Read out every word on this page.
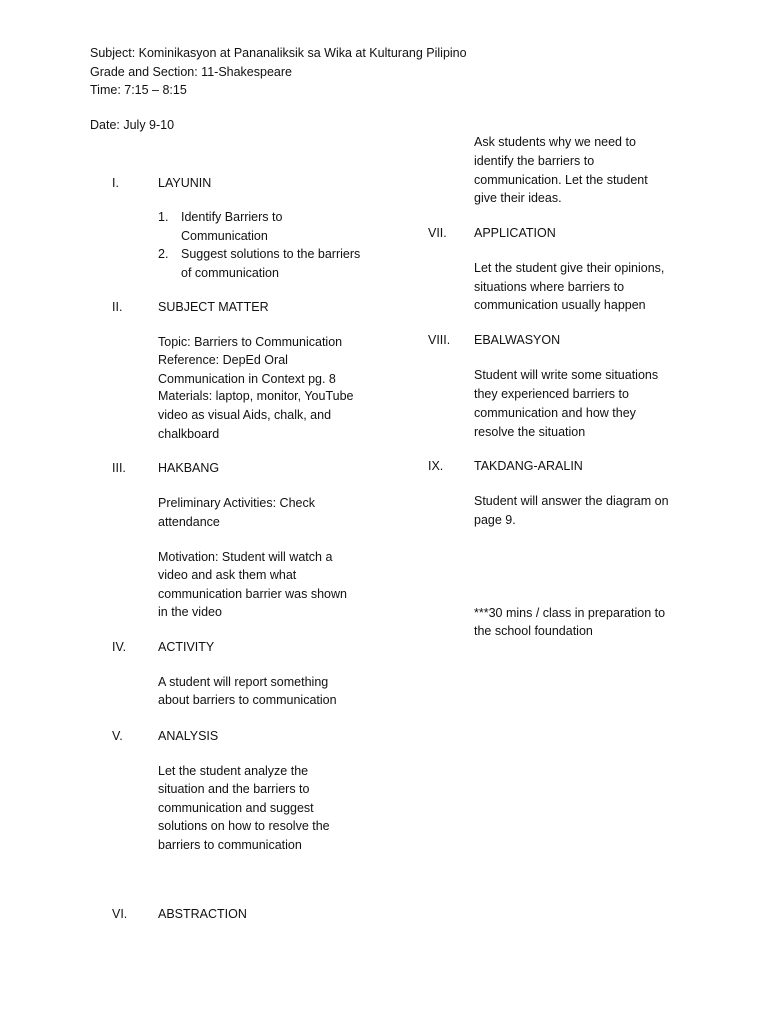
Subject: Kominikasyon at Pananaliksik sa Wika at Kulturang Pilipino
Grade and Section: 11-Shakespeare
Time: 7:15 – 8:15
Date: July 9-10
I.	LAYUNIN
1. Identify Barriers to
Communication
2. Suggest solutions to the barriers
of communication
II.	SUBJECT MATTER
Topic: Barriers to Communication
Reference: DepEd Oral
Communication in Context pg. 8
Materials: laptop, monitor, YouTube
video as visual Aids, chalk, and
chalkboard
III.	HAKBANG
Preliminary Activities: Check
attendance
Motivation: Student will watch a
video and ask them what
communication barrier was shown
in the video
IV.	ACTIVITY
A student will report something
about barriers to communication
V.	ANALYSIS
Let the student analyze the
situation and the barriers to
communication and suggest
solutions on how to resolve the
barriers to communication
VI. ABSTRACTION
Ask students why we need to
identify the barriers to
communication. Let the student
give their ideas.
VII. APPLICATION
Let the student give their opinions,
situations where barriers to
communication usually happen
VIII. EBALWASYON
Student will write some situations
they experienced barriers to
communication and how they
resolve the situation
IX. TAKDANG-ARALIN
Student will answer the diagram on
page 9.
***30 mins / class in preparation to
the school foundation
